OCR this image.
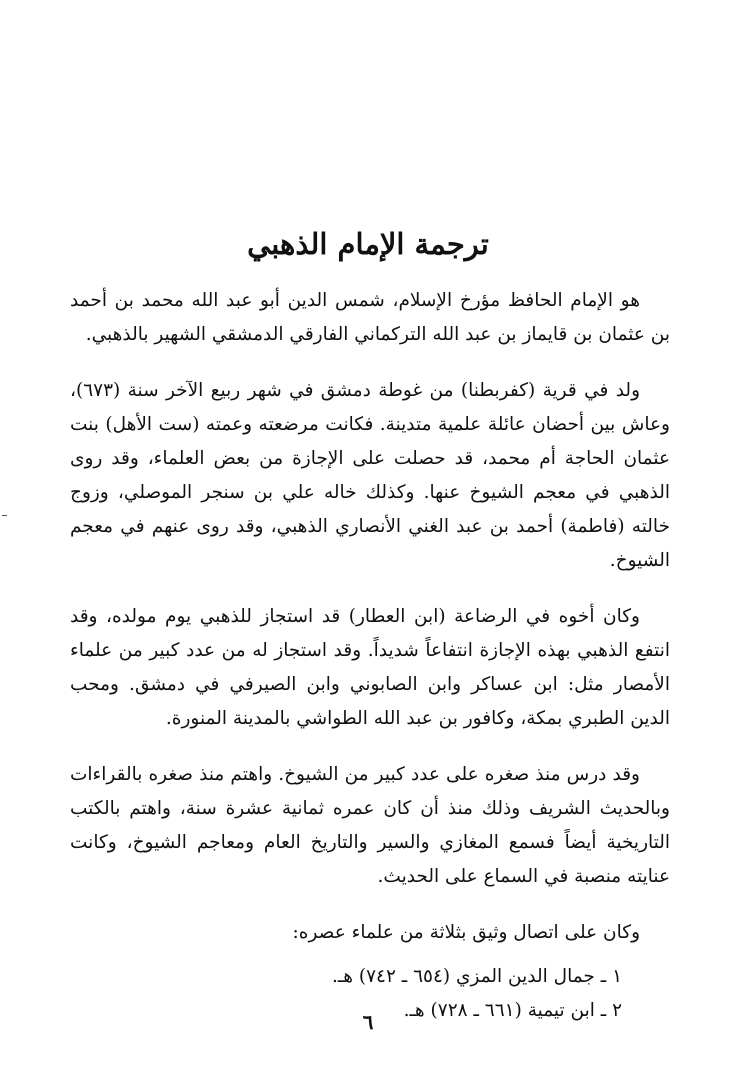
ترجمة الإمام الذهبي

هو الإمام الحافظ مؤرخ الإسلام، شمس الدين أبو عبد الله محمد بن أحمد بن عثمان بن قايماز بن عبد الله التركماني الفارقي الدمشقي الشهير بالذهبي.

ولد في قرية (كفربطنا) من غوطة دمشق في شهر ربيع الآخر سنة (٦٧٣)، وعاش بين أحضان عائلة علمية متدينة. فكانت مرضعته وعمته (ست الأهل) بنت عثمان الحاجة أم محمد، قد حصلت على الإجازة من بعض العلماء، وقد روى الذهبي في معجم الشيوخ عنها. وكذلك خاله علي بن سنجر الموصلي، وزوج خالته (فاطمة) أحمد بن عبد الغني الأنصاري الذهبي، وقد روى عنهم في معجم الشيوخ.

وكان أخوه في الرضاعة (ابن العطار) قد استجاز للذهبي يوم مولده، وقد انتفع الذهبي بهذه الإجازة انتفاعاً شديداً. وقد استجاز له من عدد كبير من علماء الأمصار مثل: ابن عساكر وابن الصابوني وابن الصيرفي في دمشق. ومحب الدين الطبري بمكة، وكافور بن عبد الله الطواشي بالمدينة المنورة.

وقد درس منذ صغره على عدد كبير من الشيوخ. واهتم منذ صغره بالقراءات وبالحديث الشريف وذلك منذ أن كان عمره ثمانية عشرة سنة، واهتم بالكتب التاريخية أيضاً فسمع المغازي والسير والتاريخ العام ومعاجم الشيوخ، وكانت عنايته منصبة في السماع على الحديث.

وكان على اتصال وثيق بثلاثة من علماء عصره:

١ ـ جمال الدين المزي (٦٥٤ ـ ٧٤٢) هـ.
٢ ـ ابن تيمية (٦٦١ ـ ٧٢٨) هـ.

٦
